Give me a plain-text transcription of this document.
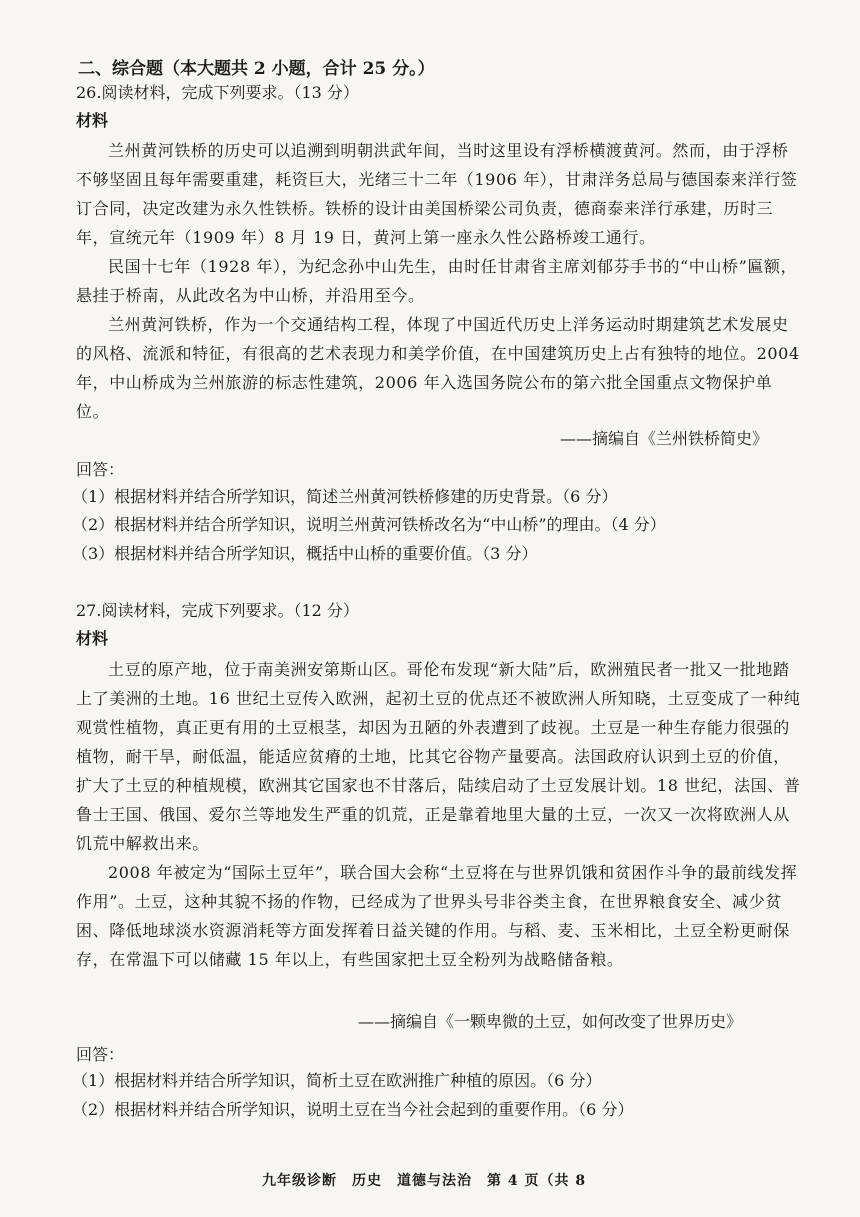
二、综合题（本大题共 2 小题，合计 25 分。）
26.阅读材料，完成下列要求。（13 分）
材料

兰州黄河铁桥的历史可以追溯到明朝洪武年间，当时这里设有浮桥横渡黄河。然而，由于浮桥不够坚固且每年需要重建，耗资巨大，光绪三十二年（1906 年），甘肃洋务总局与德国泰来洋行签订合同，决定改建为永久性铁桥。铁桥的设计由美国桥梁公司负责，德商泰来洋行承建，历时三年，宣统元年（1909 年）8 月 19 日，黄河上第一座永久性公路桥竣工通行。

民国十七年（1928 年），为纪念孙中山先生，由时任甘肃省主席刘郁芬手书的“中山桥”匾额，悬挂于桥南，从此改名为中山桥，并沿用至今。

兰州黄河铁桥，作为一个交通结构工程，体现了中国近代历史上洋务运动时期建筑艺术发展史的风格、流派和特征，有很高的艺术表现力和美学价值，在中国建筑历史上占有独特的地位。2004 年，中山桥成为兰州旅游的标志性建筑，2006 年入选国务院公布的第六批全国重点文物保护单位。

——摘编自《兰州铁桥简史》
回答：
（1）根据材料并结合所学知识，简述兰州黄河铁桥修建的历史背景。（6 分）
（2）根据材料并结合所学知识，说明兰州黄河铁桥改名为“中山桥”的理由。（4 分）
（3）根据材料并结合所学知识，概括中山桥的重要价值。（3 分）
27.阅读材料，完成下列要求。（12 分）
材料

土豆的原产地，位于南美洲安第斯山区。哥伦布发现“新大陆”后，欧洲殖民者一批又一批地踏上了美洲的土地。16 世纪土豆传入欧洲，起初土豆的优点还不被欧洲人所知晓，土豆变成了一种纯观赏性植物，真正更有用的土豆根茎，却因为丑陋的外表遭到了歧视。土豆是一种生存能力很强的植物，耐干旱，耐低温，能适应贫瘠的土地，比其它谷物产量要高。法国政府认识到土豆的价值，扩大了土豆的种植规模，欧洲其它国家也不甘落后，陆续启动了土豆发展计划。18 世纪，法国、普鲁士王国、俄国、爱尔兰等地发生严重的饥荒，正是靠着地里大量的土豆，一次又一次将欧洲人从饥荒中解救出来。

2008 年被定为“国际土豆年”，联合国大会称“土豆将在与世界饥饿和贫困作斗争的最前线发挥作用”。土豆，这种其貌不扬的作物，已经成为了世界头号非谷类主食，在世界粮食安全、减少贫困、降低地球淡水资源消耗等方面发挥着日益关键的作用。与稻、麦、玉米相比，土豆全粉更耐保存，在常温下可以储藏 15 年以上，有些国家把土豆全粉列为战略储备粮。

——摘编自《一颗卑微的土豆，如何改变了世界历史》
回答：
（1）根据材料并结合所学知识，简析土豆在欧洲推广种植的原因。（6 分）
（2）根据材料并结合所学知识，说明土豆在当今社会起到的重要作用。（6 分）
九年级诊断　历史　道德与法治　第 4 页（共 8
